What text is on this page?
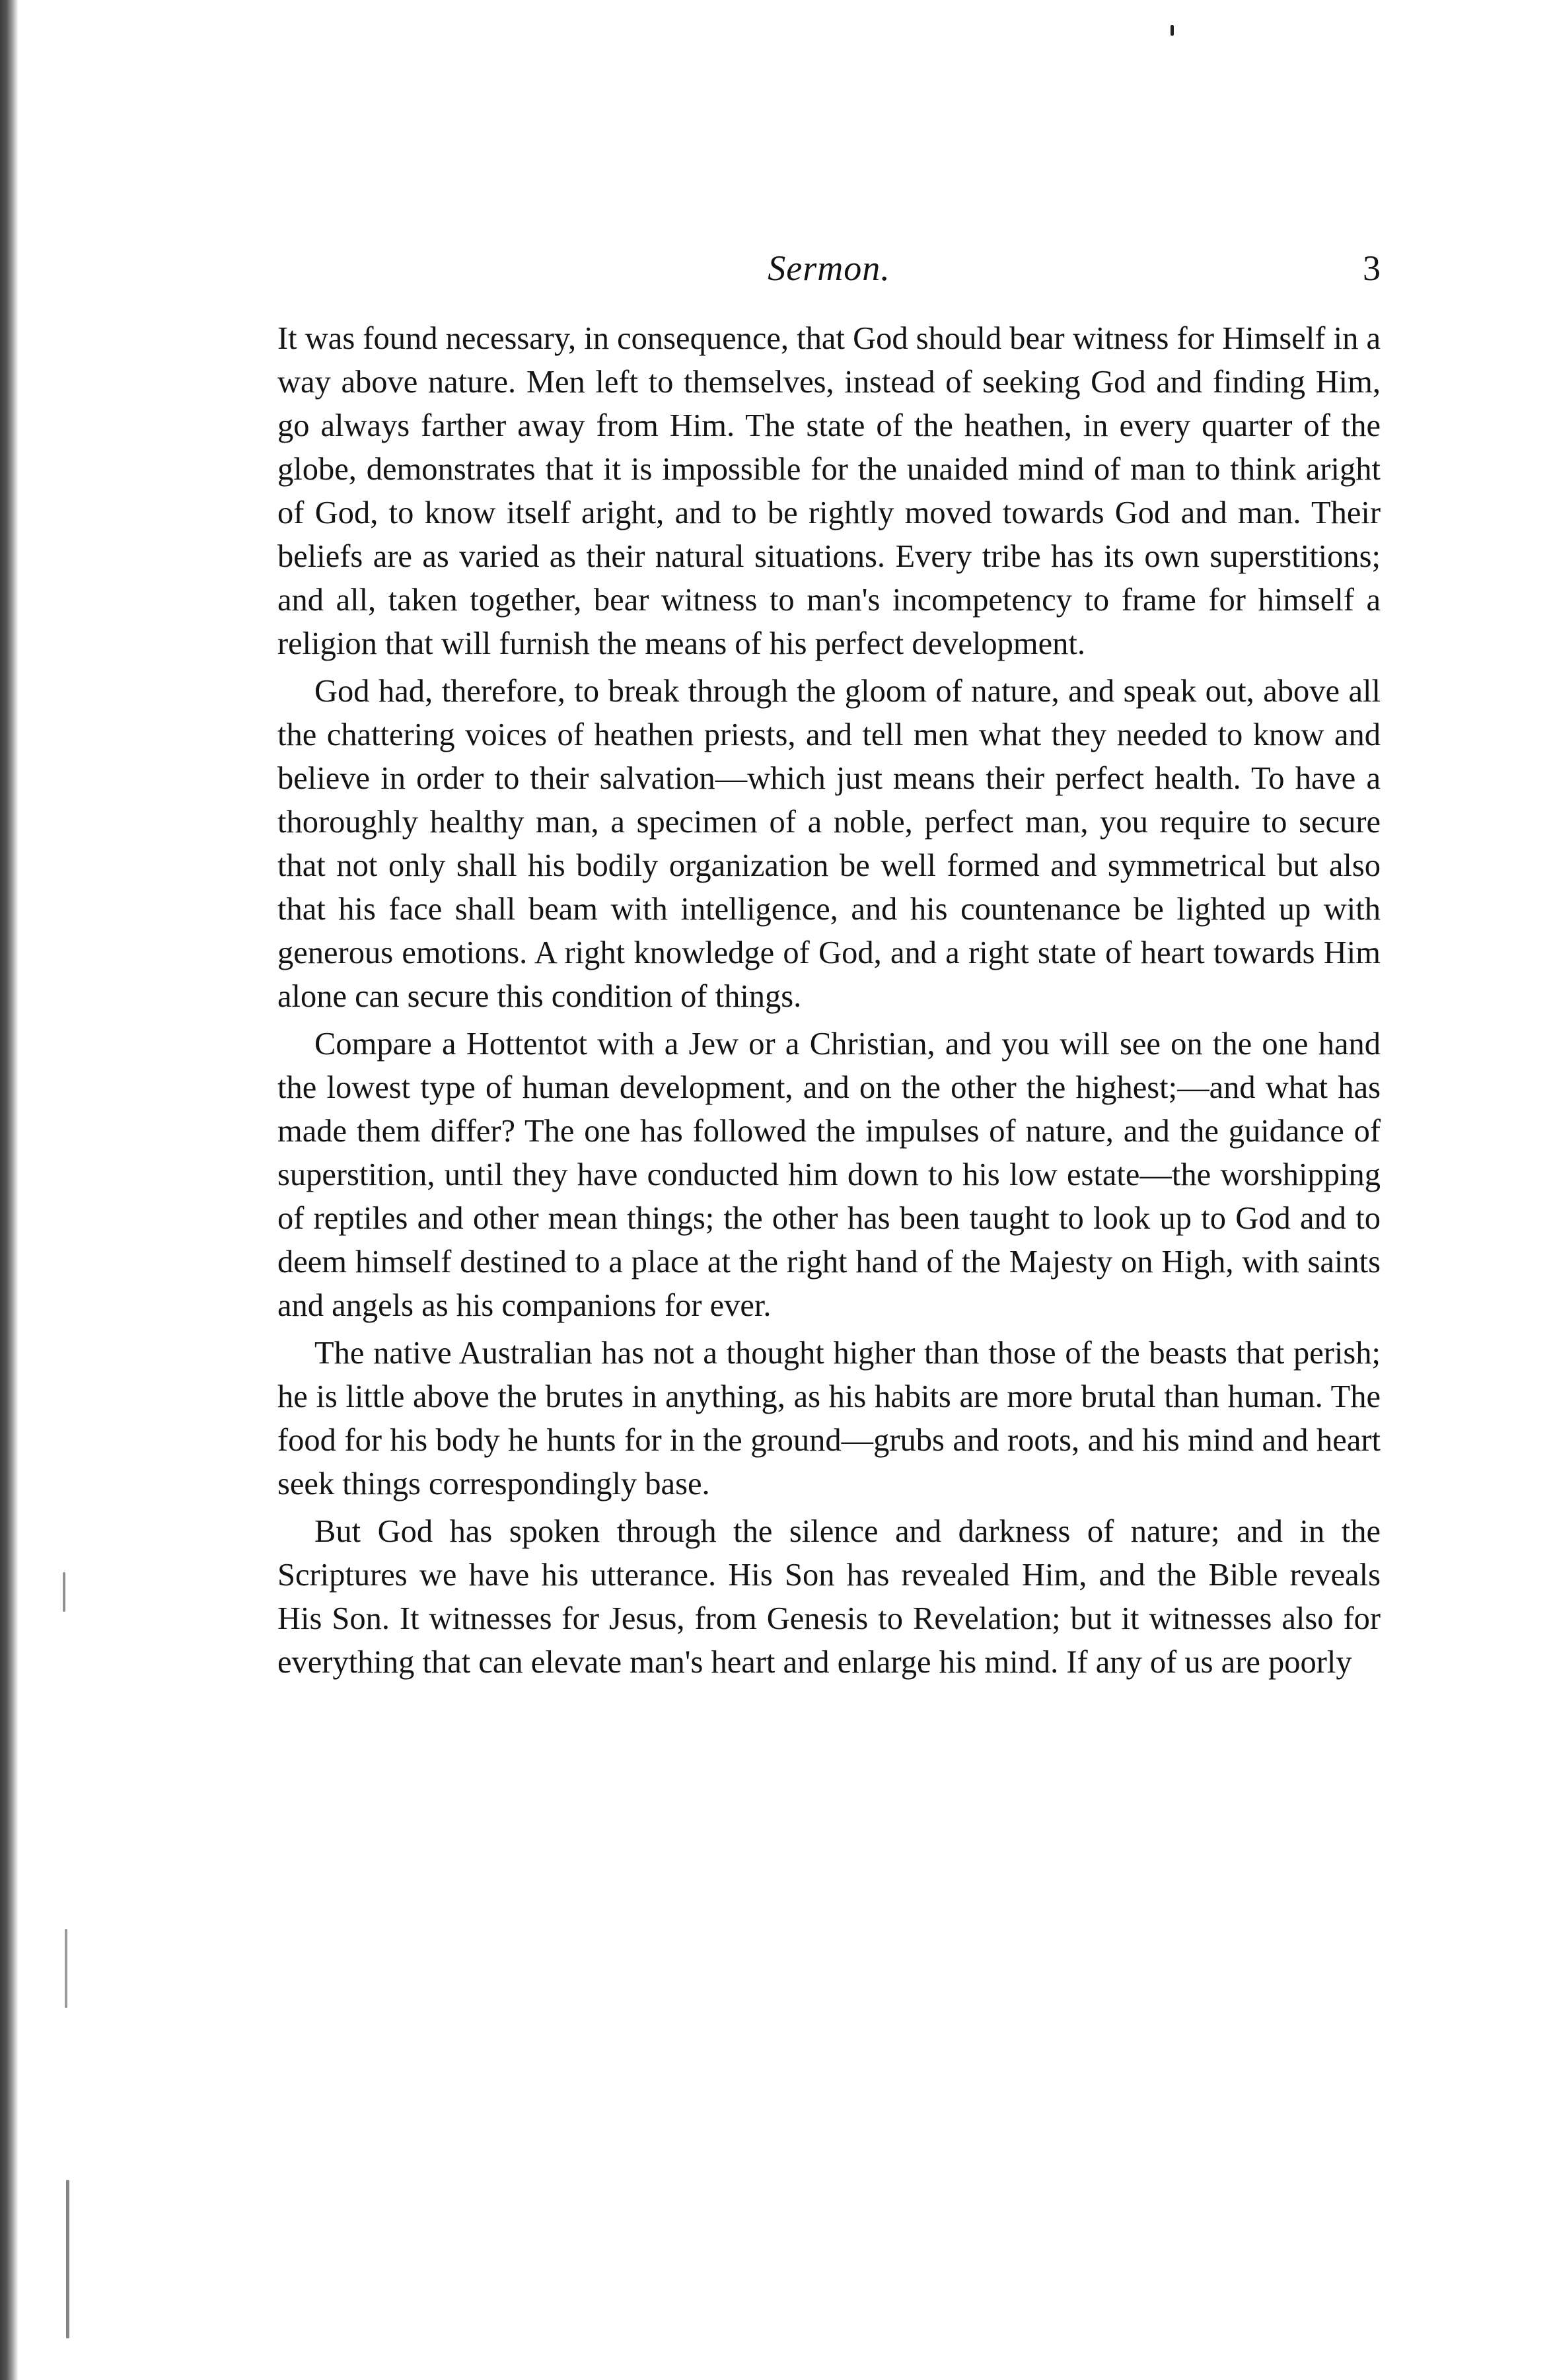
Sermon.	3

It was found necessary, in consequence, that God should bear witness for Himself in a way above nature. Men left to themselves, instead of seeking God and finding Him, go always farther away from Him. The state of the heathen, in every quarter of the globe, demonstrates that it is impossible for the unaided mind of man to think aright of God, to know itself aright, and to be rightly moved towards God and man. Their beliefs are as varied as their natural situations. Every tribe has its own superstitions; and all, taken together, bear witness to man's incompetency to frame for himself a religion that will furnish the means of his perfect development.

God had, therefore, to break through the gloom of nature, and speak out, above all the chattering voices of heathen priests, and tell men what they needed to know and believe in order to their salvation—which just means their perfect health. To have a thoroughly healthy man, a specimen of a noble, perfect man, you require to secure that not only shall his bodily organization be well formed and symmetrical but also that his face shall beam with intelligence, and his countenance be lighted up with generous emotions. A right knowledge of God, and a right state of heart towards Him alone can secure this condition of things.

Compare a Hottentot with a Jew or a Christian, and you will see on the one hand the lowest type of human development, and on the other the highest;—and what has made them differ? The one has followed the impulses of nature, and the guidance of superstition, until they have conducted him down to his low estate—the worshipping of reptiles and other mean things; the other has been taught to look up to God and to deem himself destined to a place at the right hand of the Majesty on High, with saints and angels as his companions for ever.

The native Australian has not a thought higher than those of the beasts that perish; he is little above the brutes in anything, as his habits are more brutal than human. The food for his body he hunts for in the ground—grubs and roots, and his mind and heart seek things correspondingly base.

But God has spoken through the silence and darkness of nature; and in the Scriptures we have his utterance. His Son has revealed Him, and the Bible reveals His Son. It witnesses for Jesus, from Genesis to Revelation; but it witnesses also for everything that can elevate man's heart and enlarge his mind. If any of us are poorly
